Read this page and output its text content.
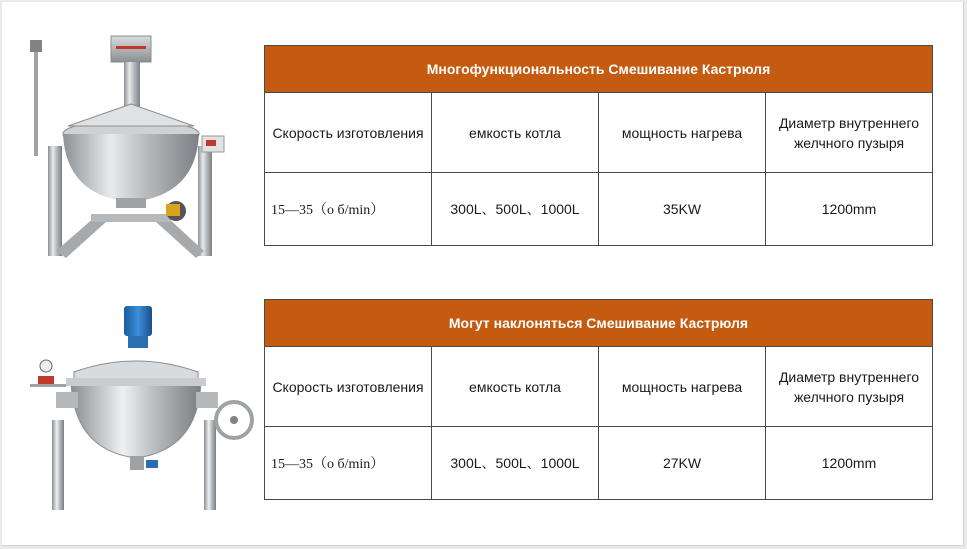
Многофункциональность Смешивание Кастрюля			
Скорость изготовления	емкость котла	мощность нагрева	Диаметр внутреннего желчного пузыря
15—35（о б/min）	300L、500L、1000L	35KW	1200mm
Могут наклоняться Смешивание Кастрюля			
Скорость изготовления	емкость котла	мощность нагрева	Диаметр внутреннего желчного пузыря
15—35（о б/min）	300L、500L、1000L	27KW	1200mm
